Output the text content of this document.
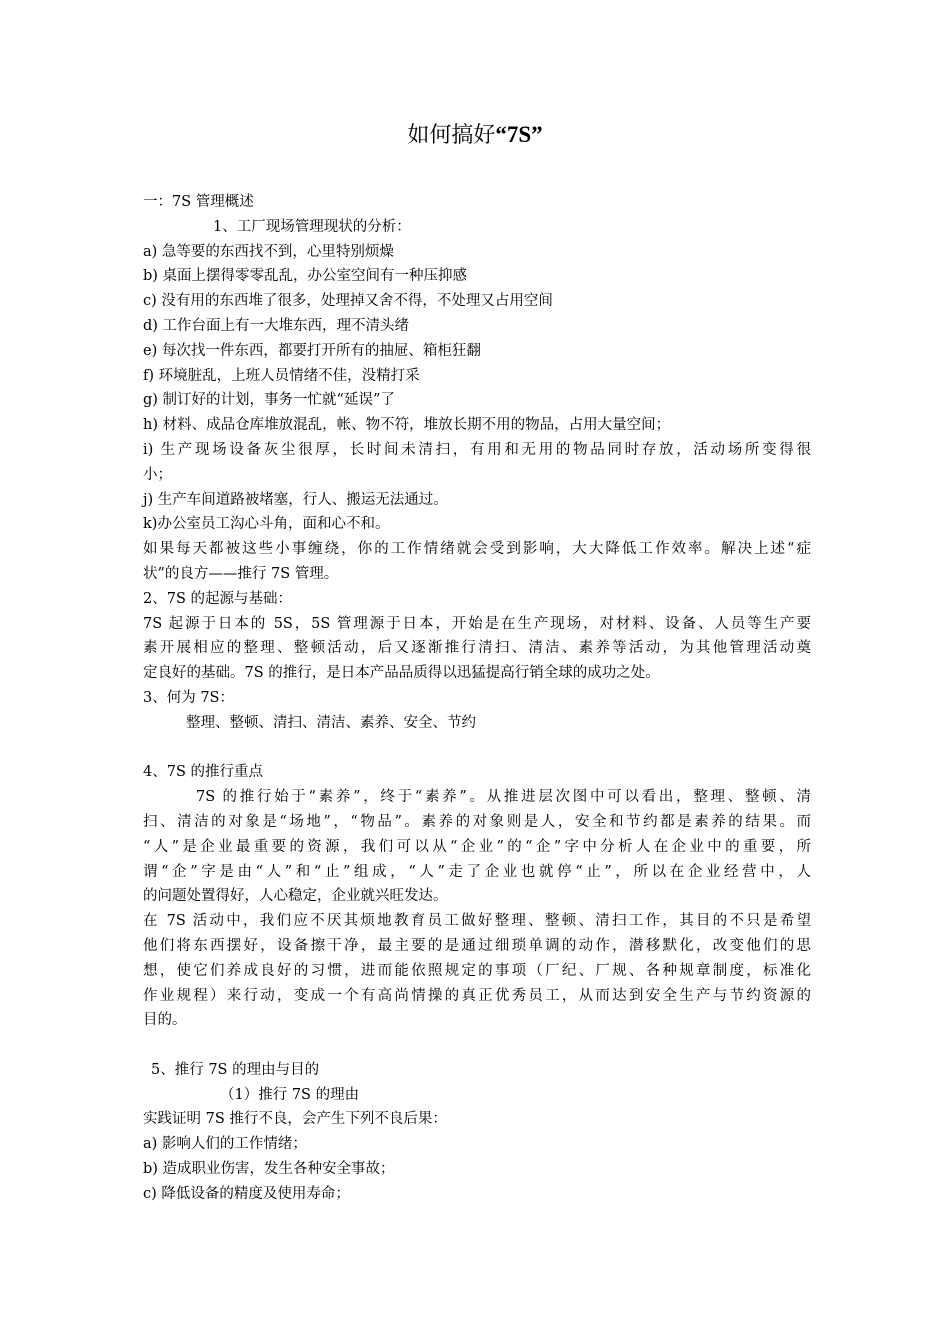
如何搞好“7S”
一：7S 管理概述
1、工厂现场管理现状的分析：
a) 急等要的东西找不到，心里特别烦燥
b) 桌面上摆得零零乱乱，办公室空间有一种压抑感
c) 没有用的东西堆了很多，处理掉又舍不得，不处理又占用空间
d) 工作台面上有一大堆东西，理不清头绪
e) 每次找一件东西，都要打开所有的抽屉、箱柜狂翻
f) 环境脏乱，上班人员情绪不佳，没精打采
g) 制订好的计划，事务一忙就“延误”了
h) 材料、成品仓库堆放混乱，帐、物不符，堆放长期不用的物品，占用大量空间；
i) 生产现场设备灰尘很厚，长时间未清扫，有用和无用的物品同时存放，活动场所变得很
小；
j) 生产车间道路被堵塞，行人、搬运无法通过。
k)办公室员工沟心斗角，面和心不和。
如果每天都被这些小事缠绕，你的工作情绪就会受到影响，大大降低工作效率。解决上述“症
状”的良方——推行 7S 管理。
2、7S 的起源与基础：
7S 起源于日本的 5S，5S 管理源于日本，开始是在生产现场，对材料、设备、人员等生产要
素开展相应的整理、整顿活动，后又逐渐推行清扫、清洁、素养等活动，为其他管理活动奠
定良好的基础。7S 的推行，是日本产品品质得以迅猛提高行销全球的成功之处。
3、何为 7S：
整理、整顿、清扫、清洁、素养、安全、节约
4、7S 的推行重点
7S 的推行始于“素养”，终于“素养”。从推进层次图中可以看出，整理、整顿、清
扫、清洁的对象是“场地”，“物品”。素养的对象则是人，安全和节约都是素养的结果。而
“人”是企业最重要的资源，我们可以从“企业”的“企”字中分析人在企业中的重要，所
谓“企”字是由“人”和“止”组成，“人”走了企业也就停“止”，所以在企业经营中，人
的问题处置得好，人心稳定，企业就兴旺发达。
在 7S 活动中，我们应不厌其烦地教育员工做好整理、整顿、清扫工作，其目的不只是希望
他们将东西摆好，设备擦干净，最主要的是通过细琐单调的动作，潜移默化，改变他们的思
想，使它们养成良好的习惯，进而能依照规定的事项（厂纪、厂规、各种规章制度，标准化
作业规程）来行动，变成一个有高尚情操的真正优秀员工，从而达到安全生产与节约资源的
目的。
5、推行 7S 的理由与目的
（1）推行 7S 的理由
实践证明 7S 推行不良，会产生下列不良后果：
a) 影响人们的工作情绪；
b) 造成职业伤害，发生各种安全事故；
c) 降低设备的精度及使用寿命；
